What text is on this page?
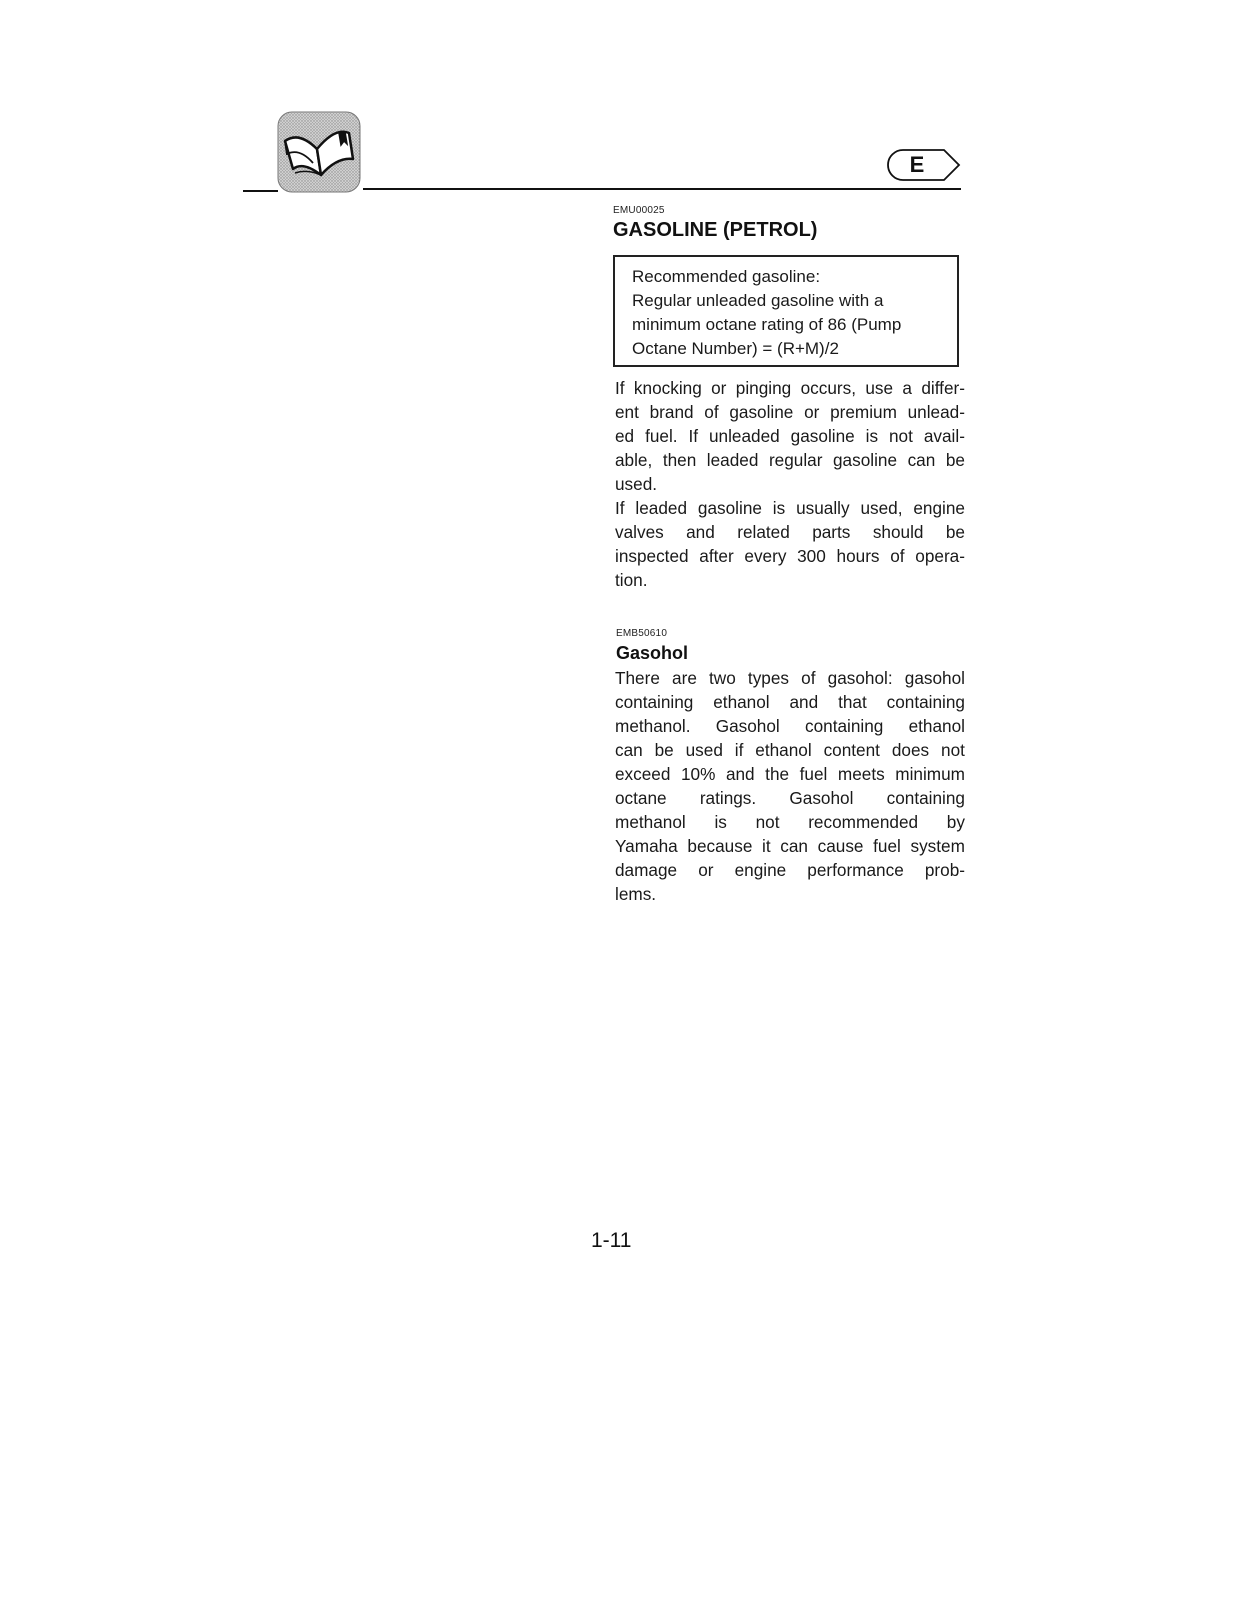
E
EMU00025
GASOLINE (PETROL)
Recommended gasoline:
Regular unleaded gasoline with a
minimum octane rating of 86 (Pump
Octane Number) = (R+M)/2
If knocking or pinging occurs, use a differ-
ent brand of gasoline or premium unlead-
ed fuel. If unleaded gasoline is not avail-
able, then leaded regular gasoline can be
used.
If leaded gasoline is usually used, engine
valves and related parts should be
inspected after every 300 hours of opera-
tion.
EMB50610
Gasohol
There are two types of gasohol: gasohol
containing ethanol and that containing
methanol. Gasohol containing ethanol
can be used if ethanol content does not
exceed 10% and the fuel meets minimum
octane ratings. Gasohol containing
methanol is not recommended by
Yamaha because it can cause fuel system
damage or engine performance prob-
lems.
1-11
